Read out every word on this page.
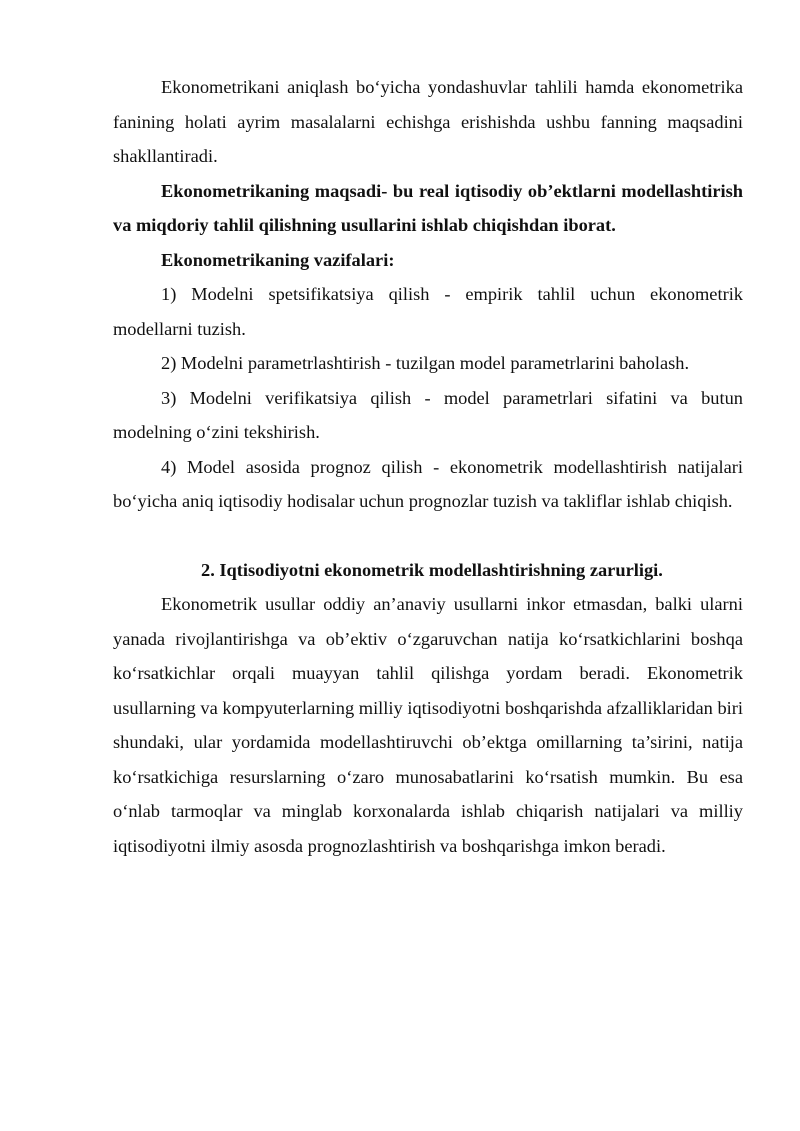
Ekonometrikani aniqlash bo‘yicha yondashuvlar tahlili hamda ekonometrika fanining holati ayrim masalalarni echishga erishishda ushbu fanning maqsadini shakllantiradi.

Ekonometrikaning maqsadi- bu real iqtisodiy ob’ektlarni modellashtirish va miqdoriy tahlil qilishning usullarini ishlab chiqishdan iborat.

Ekonometrikaning vazifalari:

1) Modelni spetsifikatsiya qilish - empirik tahlil uchun ekonometrik modellarni tuzish.

2) Modelni parametrlashtirish - tuzilgan model parametrlarini baholash.

3) Modelni verifikatsiya qilish - model parametrlari sifatini va butun modelning o‘zini tekshirish.

4) Model asosida prognoz qilish - ekonometrik modellashtirish natijalari bo‘yicha aniq iqtisodiy hodisalar uchun prognozlar tuzish va takliflar ishlab chiqish.

2. Iqtisodiyotni ekonometrik modellashtirishning zarurligi.

Ekonometrik usullar oddiy an’anaviy usullarni inkor etmasdan, balki ularni yanada rivojlantirishga va ob’ektiv o‘zgaruvchan natija ko‘rsatkichlarini boshqa ko‘rsatkichlar orqali muayyan tahlil qilishga yordam beradi. Ekonometrik usullarning va kompyuterlarning milliy iqtisodiyotni boshqarishda afzalliklaridan biri shundaki, ular yordamida modellashtiruvchi ob’ektga omillarning ta’sirini, natija ko‘rsatkichiga resurslarning o‘zaro munosabatlarini ko‘rsatish mumkin. Bu esa o‘nlab tarmoqlar va minglab korxonalarda ishlab chiqarish natijalari va milliy iqtisodiyotni ilmiy asosda prognozlashtirish va boshqarishga imkon beradi.
